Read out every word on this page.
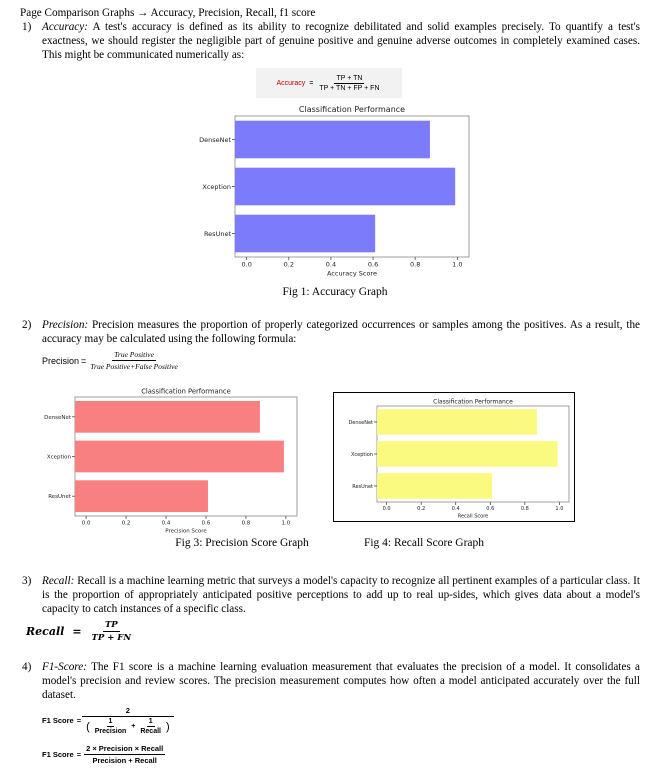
Page Comparison Graphs → Accuracy, Precision, Recall, f1 score
1) Accuracy: A test's accuracy is defined as its ability to recognize debilitated and solid examples precisely. To quantify a test's exactness, we should register the negligible part of genuine positive and genuine adverse outcomes in completely examined cases. This might be communicated numerically as:
Accuracy = $\frac{TP + TN}{TP + TN + FP + FN}$
Classification Performance
DenseNet
Xception
ResUnet
0.0	0.2	0.4	0.6	0.8	1.0
Accuracy Score
Fig 1: Accuracy Graph
2) Precision: Precision measures the proportion of properly categorized occurrences or samples among the positives. As a result, the accuracy may be calculated using the following formula:
Precision = $\frac{\text{True Positive}}{\text{True Positive+False Positive}}$
Classification Performance
DenseNet
Xception
ResUnet
0.0	0.2	0.4	0.6	0.8	1.0
Precision Score
Classification Performance
DenseNet
Xception
ResUnet
0.0	0.2	0.4	0.6	0.8	1.0
Recall Score
Fig 3: Precision Score Graph	Fig 4: Recall Score Graph
3) Recall: Recall is a machine learning metric that surveys a model's capacity to recognize all pertinent examples of a particular class. It is the proportion of appropriately anticipated positive perceptions to add up to real up-sides, which gives data about a model's capacity to catch instances of a specific class.
Recall = $\frac{TP}{TP + FN}$
4) F1-Score: The F1 score is a machine learning evaluation measurement that evaluates the precision of a model. It consolidates a model's precision and review scores. The precision measurement computes how often a model anticipated accurately over the full dataset.
F1 Score = $\frac{2}{( \frac{1}{\text{Precision}} + \frac{1}{\text{Recall}} )}$
F1 Score = $\frac{\text{2 × Precision × Recall}}{\text{Precision + Recall}}$
